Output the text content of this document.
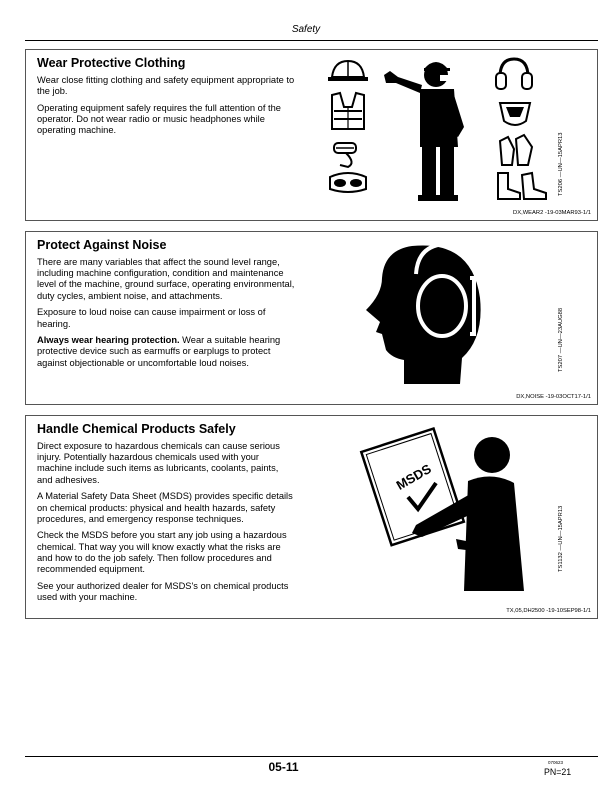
Safety
Wear Protective Clothing

Wear close fitting clothing and safety equipment appropriate to the job.

Operating equipment safely requires the full attention of the operator. Do not wear radio or music headphones while operating machine.

TS206 —UN—15APR13
DX,WEAR2 -19-03MAR93-1/1
Protect Against Noise

There are many variables that affect the sound level range, including machine configuration, condition and maintenance level of the machine, ground surface, operating environmental, duty cycles, ambient noise, and attachments.

Exposure to loud noise can cause impairment or loss of hearing.

Always wear hearing protection. Wear a suitable hearing protective device such as earmuffs or earplugs to protect against objectionable or uncomfortable loud noises.	TS207 —UN—23AUG88
DX,NOISE -19-03OCT17-1/1
Handle Chemical Products Safely

Direct exposure to hazardous chemicals can cause serious injury. Potentially hazardous chemicals used with your machine include such items as lubricants, coolants, paints, and adhesives.

A Material Safety Data Sheet (MSDS) provides specific details on chemical products: physical and health hazards, safety procedures, and emergency response techniques.

Check the MSDS before you start any job using a hazardous chemical. That way you will know exactly what the risks are and how to do the job safely. Then follow procedures and recommended equipment.

See your authorized dealer for MSDS's on chemical products used with your machine.

MSDS
TS1132 —UN—15APR13
TX,05,DH2500 -19-10SEP98-1/1
05-11	070623
PN=21
